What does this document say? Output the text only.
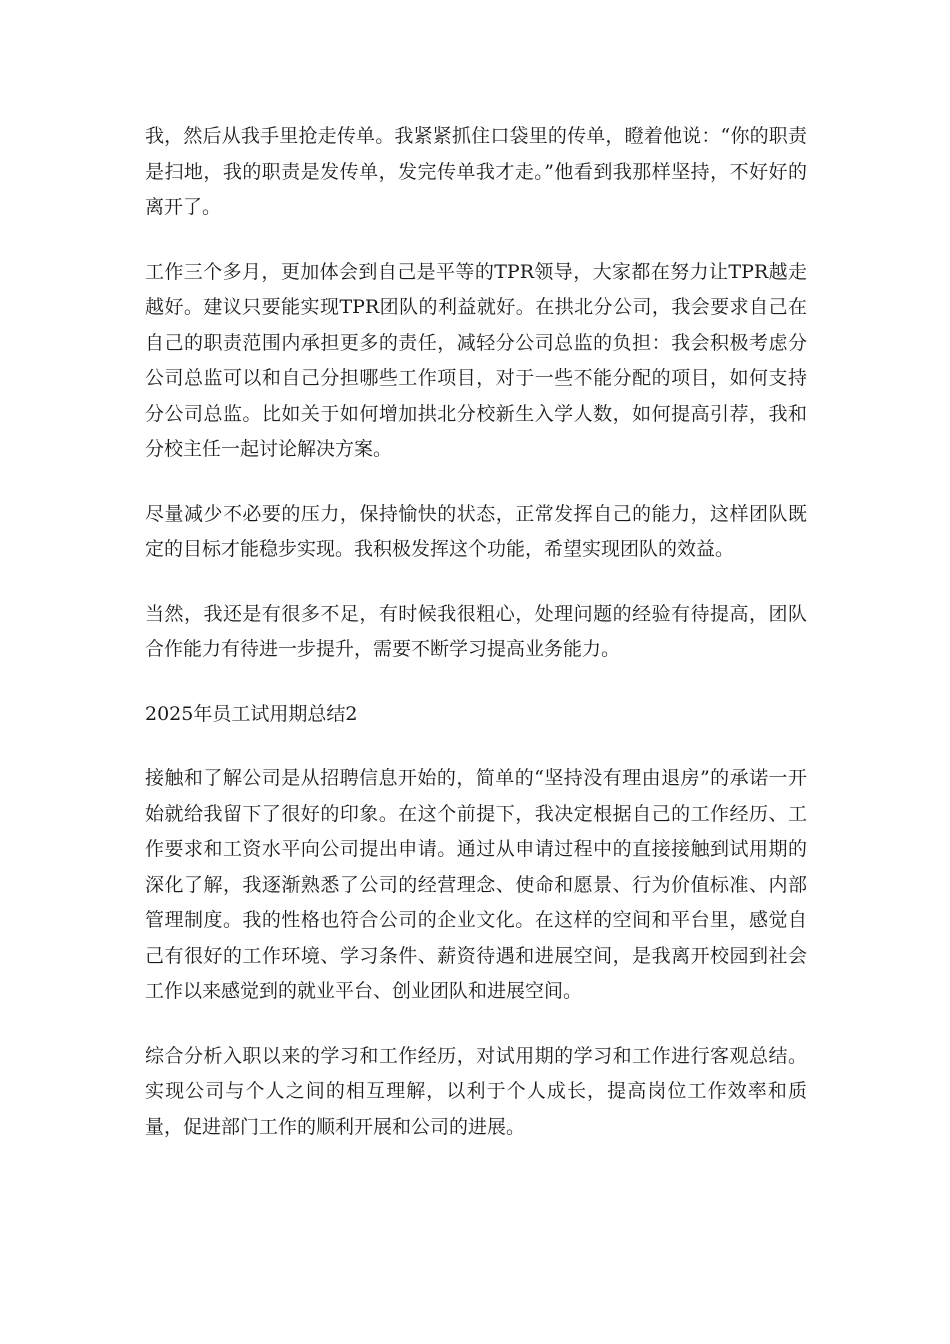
我，然后从我手里抢走传单。我紧紧抓住口袋里的传单，瞪着他说：“你的职责是扫地，我的职责是发传单，发完传单我才走。”他看到我那样坚持，不好好的离开了。

工作三个多月，更加体会到自己是平等的TPR领导，大家都在努力让TPR越走越好。建议只要能实现TPR团队的利益就好。在拱北分公司，我会要求自己在自己的职责范围内承担更多的责任，减轻分公司总监的负担：我会积极考虑分公司总监可以和自己分担哪些工作项目，对于一些不能分配的项目，如何支持分公司总监。比如关于如何增加拱北分校新生入学人数，如何提高引荐，我和分校主任一起讨论解决方案。

尽量减少不必要的压力，保持愉快的状态，正常发挥自己的能力，这样团队既定的目标才能稳步实现。我积极发挥这个功能，希望实现团队的效益。

当然，我还是有很多不足，有时候我很粗心，处理问题的经验有待提高，团队合作能力有待进一步提升，需要不断学习提高业务能力。

2025年员工试用期总结2

接触和了解公司是从招聘信息开始的，简单的“坚持没有理由退房”的承诺一开始就给我留下了很好的印象。在这个前提下，我决定根据自己的工作经历、工作要求和工资水平向公司提出申请。通过从申请过程中的直接接触到试用期的深化了解，我逐渐熟悉了公司的经营理念、使命和愿景、行为价值标准、内部管理制度。我的性格也符合公司的企业文化。在这样的空间和平台里，感觉自己有很好的工作环境、学习条件、薪资待遇和进展空间，是我离开校园到社会工作以来感觉到的就业平台、创业团队和进展空间。

综合分析入职以来的学习和工作经历，对试用期的学习和工作进行客观总结。实现公司与个人之间的相互理解，以利于个人成长，提高岗位工作效率和质量，促进部门工作的顺利开展和公司的进展。
